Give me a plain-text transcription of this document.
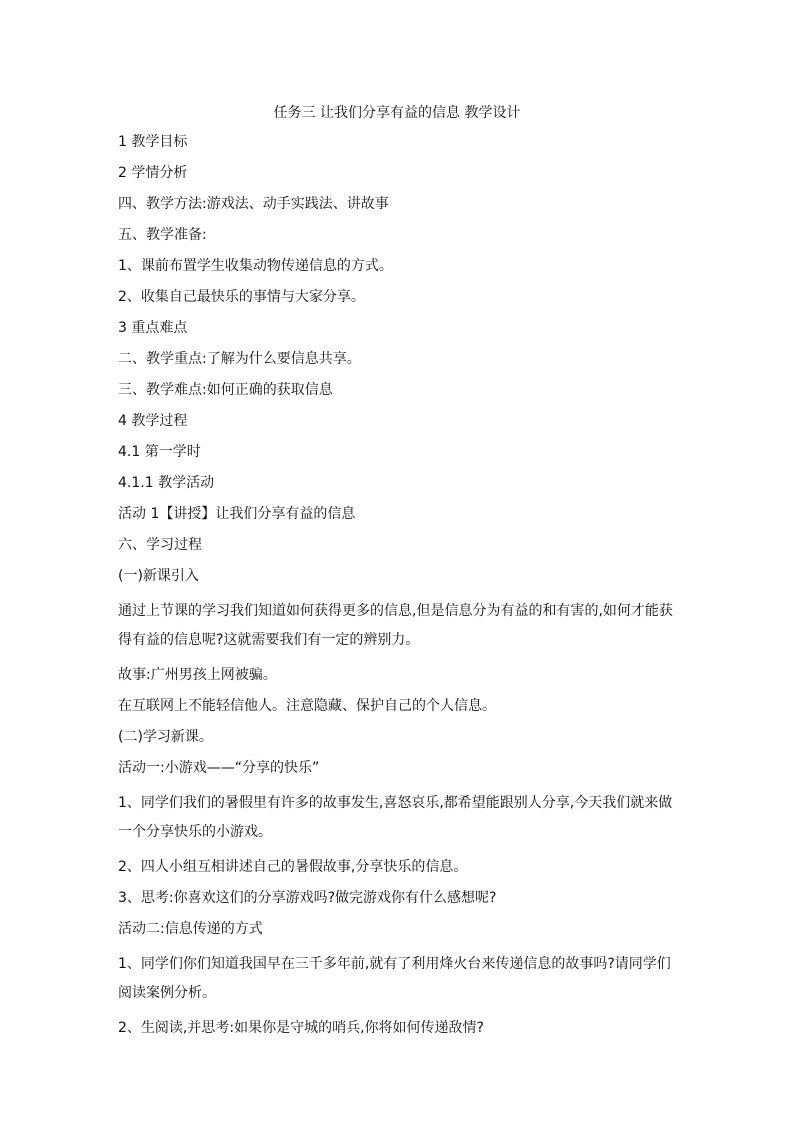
任务三 让我们分享有益的信息 教学设计

1 教学目标

2 学情分析

四、教学方法:游戏法、动手实践法、讲故事

五、教学准备:

1、课前布置学生收集动物传递信息的方式。

2、收集自己最快乐的事情与大家分享。

3 重点难点

二、教学重点:了解为什么要信息共享。

三、教学难点:如何正确的获取信息

4 教学过程

4.1 第一学时

4.1.1 教学活动

活动 1【讲授】让我们分享有益的信息

六、学习过程

(一)新课引入

通过上节课的学习我们知道如何获得更多的信息,但是信息分为有益的和有害的,如何才能获得有益的信息呢?这就需要我们有一定的辨别力。

故事:广州男孩上网被骗。

在互联网上不能轻信他人。注意隐藏、保护自己的个人信息。

(二)学习新课。

活动一:小游戏——“分享的快乐”

1、同学们我们的暑假里有许多的故事发生,喜怒哀乐,都希望能跟别人分享,今天我们就来做一个分享快乐的小游戏。

2、四人小组互相讲述自己的暑假故事,分享快乐的信息。

3、思考:你喜欢这们的分享游戏吗?做完游戏你有什么感想呢?

活动二:信息传递的方式

1、同学们你们知道我国早在三千多年前,就有了利用烽火台来传递信息的故事吗?请同学们阅读案例分析。

2、生阅读,并思考:如果你是守城的哨兵,你将如何传递敌情?
